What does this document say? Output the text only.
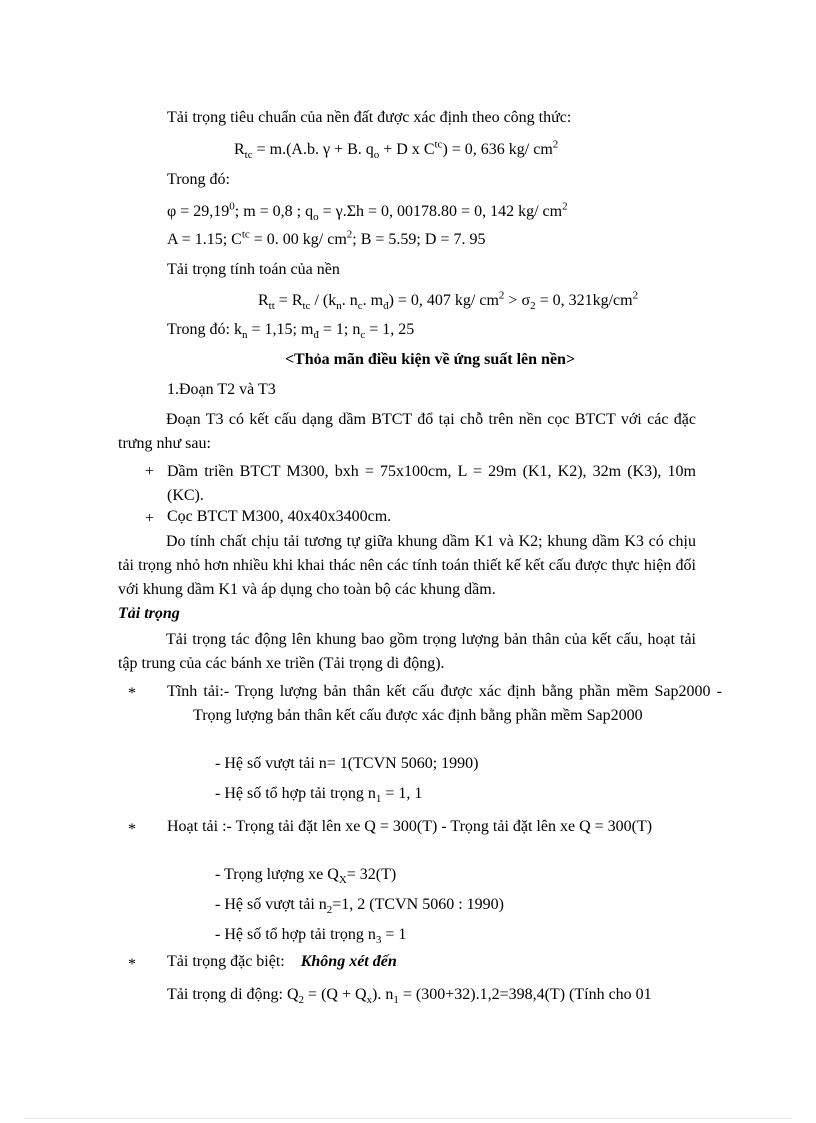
Tải trọng tiêu chuẩn của nền đất được xác định theo công thức:
$R_{tc} = m.(A.b$. γ + B. $q_o + D$ x $C^{tc}) = 0$, 636 kg/ $cm^2$
Trong đó:
$\varphi = 29,19^0$; m = 0,8 ; $q_o = \gamma.\Sigma h = 0$, 00178.80 = 0, 142 kg/ $cm^2$
A = 1.15; $C^{tc} = 0$. 00 kg/ $cm^2$; B = 5.59; D = 7. 95
Tải trọng tính toán của nền
$R_{tt} = R_{tc} / (k_n$. $n_c$. $m_đ) = 0$, 407 kg/ $cm^2 > \sigma_2 = 0$, $321kg/cm^2$
Trong đó: $k_n = 1,15$; $m_đ = 1$; $n_c = 1$, 25
<Thỏa mãn điều kiện về ứng suất lên nền>
1.Đoạn T2 và T3
Đoạn T3 có kết cấu dạng dầm BTCT đổ tại chỗ trên nền cọc BTCT với các đặc trưng như sau:
+ Dầm triền BTCT M300, bxh = 75x100cm, L = 29m (K1, K2), 32m (K3), 10m (KC).
+ Cọc BTCT M300, 40x40x3400cm.
Do tính chất chịu tải tương tự giữa khung dầm K1 và K2; khung dầm K3 có chịu tải trọng nhỏ hơn nhiều khi khai thác nên các tính toán thiết kế kết cấu được thực hiện đối với khung dầm K1 và áp dụng cho toàn bộ các khung dầm.
Tải trọng
Tải trọng tác động lên khung bao gồm trọng lượng bản thân của kết cấu, hoạt tải tập trung của các bánh xe triền (Tải trọng di động).
*	Tĩnh tải:- Trọng lượng bản thân kết cấu được xác định bằng phần mềm Sap2000 - Trọng lượng bản thân kết cấu được xác định bằng phần mềm Sap2000
- Hệ số vượt tải n= 1(TCVN 5060; 1990)
- Hệ số tổ hợp tải trọng $n_1 = 1$, 1
*	Hoạt tải :- Trọng tải đặt lên xe Q = 300(T) - Trọng tải đặt lên xe Q = 300(T)
- Trọng lượng xe $Q_X= 32(T)$
- Hệ số vượt tải $n_2=1$, 2 (TCVN 5060 : 1990)
- Hệ số tổ hợp tải trọng $n_3 = 1$
*	Tải trọng đặc biệt: Không xét đến
Tải trọng di động: $Q_2 = (Q + Q_x)$. $n_1 = (300+32).1,2=398,4(T)$ (Tính cho 01
